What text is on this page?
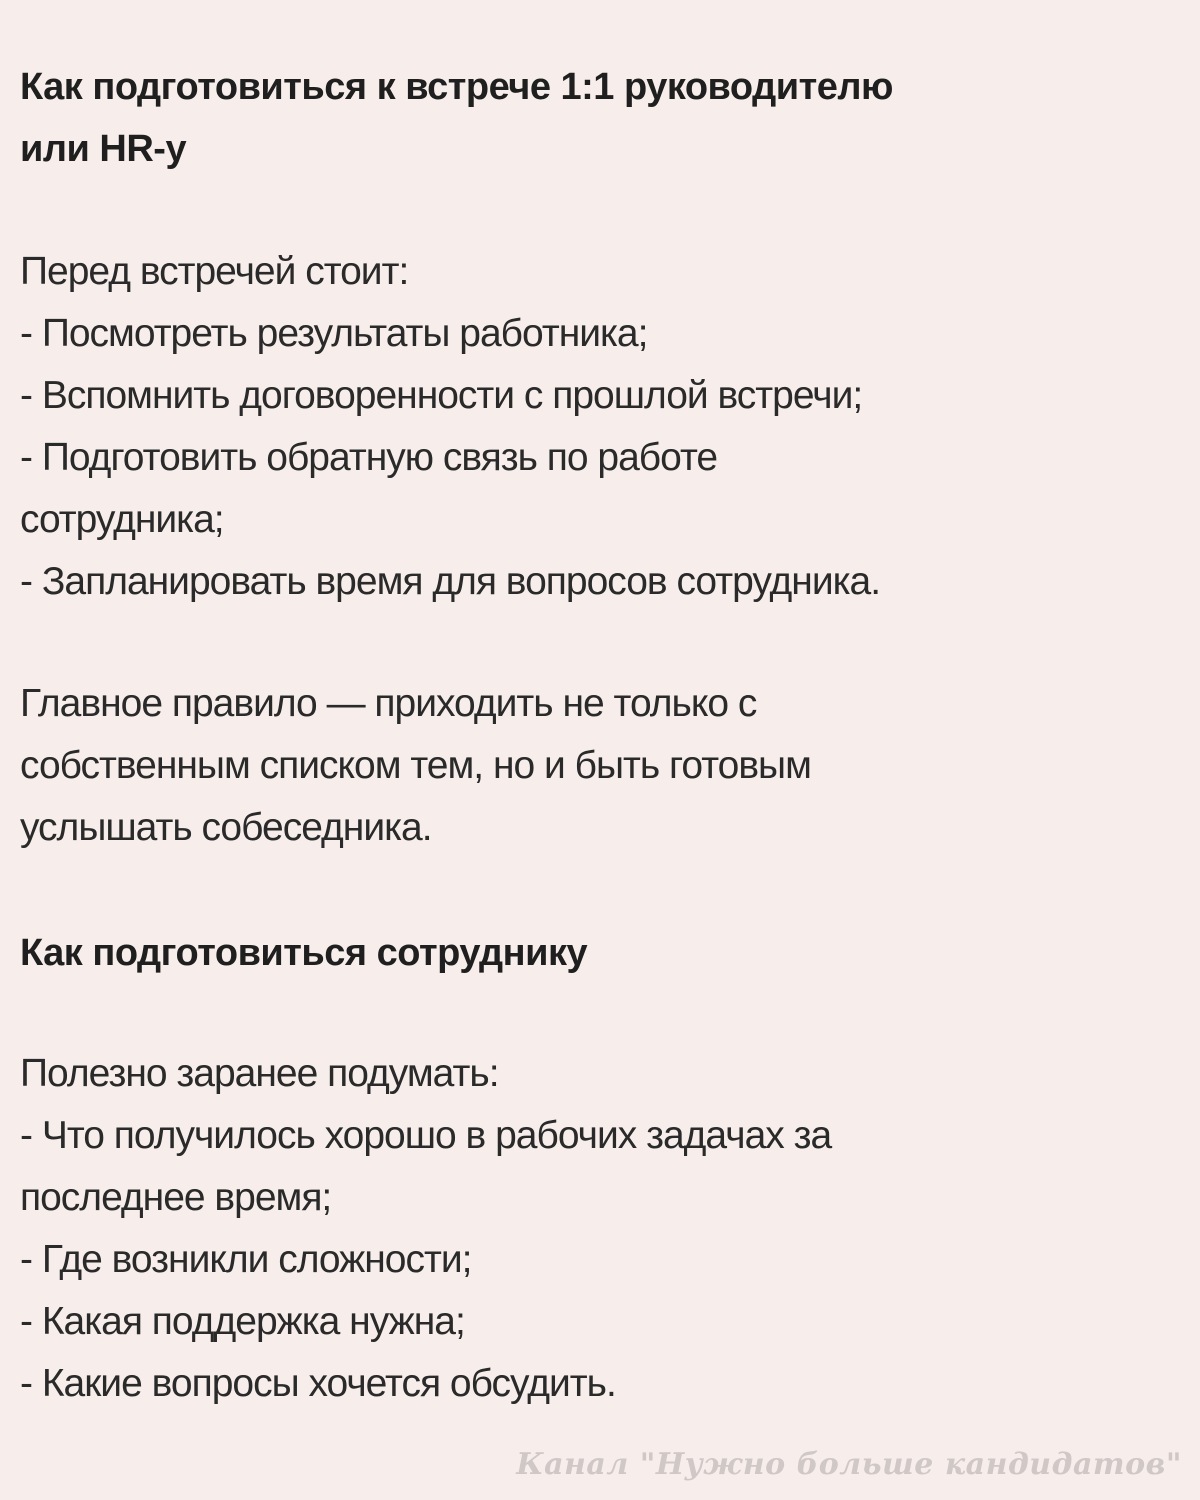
Как подготовиться к встрече 1:1 руководителю
или HR-у
Перед встречей стоит:
- Посмотреть результаты работника;
- Вспомнить договоренности с прошлой встречи;
- Подготовить обратную связь по работе
сотрудника;
- Запланировать время для вопросов сотрудника.
Главное правило — приходить не только с
собственным списком тем, но и быть готовым
услышать собеседника.
Как подготовиться сотруднику
Полезно заранее подумать:
- Что получилось хорошо в рабочих задачах за
последнее время;
- Где возникли сложности;
- Какая поддержка нужна;
- Какие вопросы хочется обсудить.
Канал "Нужно больше кандидатов"
